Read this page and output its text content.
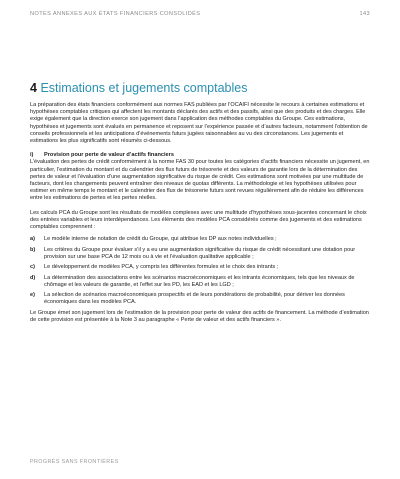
NOTES ANNEXES AUX ÉTATS FINANCIERS CONSOLIDÉS	143
4 Estimations et jugements comptables

La préparation des états financiers conformément aux normes FAS publiées par l’OCAIFI nécessite le recours à certaines estimations et hypothèses comptables critiques qui affectent les montants déclarés des actifs et des passifs, ainsi que des produits et des charges. Elle exige également que la direction exerce son jugement dans l’application des méthodes comptables du Groupe. Ces estimations, hypothèses et jugements sont évalués en permanence et reposent sur l’expérience passée et d’autres facteurs, notamment l’obtention de conseils professionnels et les anticipations d’événements futurs jugées raisonnables au vu des circonstances. Les jugements et estimations les plus significatifs sont résumés ci-dessous.

i)	Provision pour perte de valeur d’actifs financiers

L’évaluation des pertes de crédit conformément à la norme FAS 30 pour toutes les catégories d’actifs financiers nécessite un jugement, en particulier, l’estimation du montant et du calendrier des flux futurs de trésorerie et des valeurs de garantie lors de la détermination des pertes de valeur et l’évaluation d’une augmentation significative du risque de crédit. Ces estimations sont motivées par une multitude de facteurs, dont les changements peuvent entraîner des niveaux de quotas différents. La méthodologie et les hypothèses utilisées pour estimer en même temps le montant et le calendrier des flux de trésorerie futurs sont revues régulièrement afin de réduire les différences entre les estimations de pertes et les pertes réelles.

Les calculs PCA du Groupe sont les résultats de modèles complexes avec une multitude d’hypothèses sous-jacentes concernant le choix des entrées variables et leurs interdépendances. Les éléments des modèles PCA considérés comme des jugements et des estimations comptables comprennent :

a)	Le modèle interne de notation de crédit du Groupe, qui attribue les DP aux notes individuelles ;
b)	Les critères du Groupe pour évaluer s’il y a eu une augmentation significative du risque de crédit nécessitant une dotation pour provision sur une base PCA de 12 mois ou à vie et l’évaluation qualitative applicable ;
c)	Le développement de modèles PCA, y compris les différentes formules et le choix des intrants ;
d)	La détermination des associations entre les scénarios macroéconomiques et les intrants économiques, tels que les niveaux de chômage et les valeurs de garantie, et l’effet sur les PD, les EAD et les LGD ;
e)	La sélection de scénarios macroéconomiques prospectifs et de leurs pondérations de probabilité, pour dériver les données économiques dans les modèles PCA.

Le Groupe émet son jugement lors de l’estimation de la provision pour perte de valeur des actifs de financement. La méthode d’estimation de cette provision est présentée à la Note 3 au paragraphe « Perte de valeur et des actifs financiers ».

PROGRÈS SANS FRONTIÈRES
